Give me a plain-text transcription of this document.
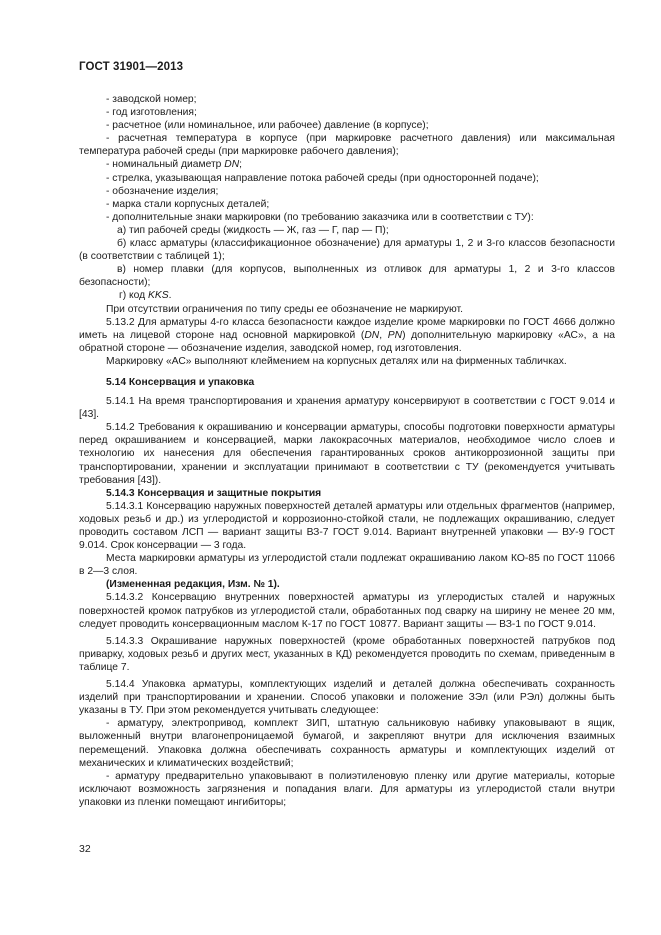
ГОСТ 31901—2013

- заводской номер;

- год изготовления;

- расчетное (или номинальное, или рабочее) давление (в корпусе);

- расчетная температура в корпусе (при маркировке расчетного давления) или максимальная температура рабочей среды (при маркировке рабочего давления);

- номинальный диаметр DN;

- стрелка, указывающая направление потока рабочей среды (при односторонней подаче);

- обозначение изделия;

- марка стали корпусных деталей;

- дополнительные знаки маркировки (по требованию заказчика или в соответствии с ТУ):

а) тип рабочей среды (жидкость — Ж, газ — Г, пар — П);

б) класс арматуры (классификационное обозначение) для арматуры 1, 2 и 3-го классов безопасности (в соответствии с таблицей 1);

в) номер плавки (для корпусов, выполненных из отливок для арматуры 1, 2 и 3-го классов безопасности);

г) код KKS.

При отсутствии ограничения по типу среды ее обозначение не маркируют.

5.13.2 Для арматуры 4-го класса безопасности каждое изделие кроме маркировки по ГОСТ 4666 должно иметь на лицевой стороне над основной маркировкой (DN, PN) дополнительную маркировку «АС», а на обратной стороне — обозначение изделия, заводской номер, год изготовления.

Маркировку «АС» выполняют клеймением на корпусных деталях или на фирменных табличках.

5.14 Консервация и упаковка

5.14.1 На время транспортирования и хранения арматуру консервируют в соответствии с ГОСТ 9.014 и [43].

5.14.2 Требования к окрашиванию и консервации арматуры, способы подготовки поверхности арматуры перед окрашиванием и консервацией, марки лакокрасочных материалов, необходимое число слоев и технологию их нанесения для обеспечения гарантированных сроков антикоррозионной защиты при транспортировании, хранении и эксплуатации принимают в соответствии с ТУ (рекомендуется учитывать требования [43]).

5.14.3 Консервация и защитные покрытия

5.14.3.1 Консервацию наружных поверхностей деталей арматуры или отдельных фрагментов (например, ходовых резьб и др.) из углеродистой и коррозионно-стойкой стали, не подлежащих окрашиванию, следует проводить составом ЛСП — вариант защиты ВЗ-7 ГОСТ 9.014. Вариант внутренней упаковки — ВУ-9 ГОСТ 9.014. Срок консервации — 3 года.

Места маркировки арматуры из углеродистой стали подлежат окрашиванию лаком КО-85 по ГОСТ 11066 в 2—3 слоя.

(Измененная редакция, Изм. № 1).

5.14.3.2 Консервацию внутренних поверхностей арматуры из углеродистых сталей и наружных поверхностей кромок патрубков из углеродистой стали, обработанных под сварку на ширину не менее 20 мм, следует проводить консервационным маслом К-17 по ГОСТ 10877. Вариант защиты — ВЗ-1 по ГОСТ 9.014.

5.14.3.3 Окрашивание наружных поверхностей (кроме обработанных поверхностей патрубков под приварку, ходовых резьб и других мест, указанных в КД) рекомендуется проводить по схемам, приведенным в таблице 7.

5.14.4 Упаковка арматуры, комплектующих изделий и деталей должна обеспечивать сохранность изделий при транспортировании и хранении. Способ упаковки и положение ЗЭл (или РЭл) должны быть указаны в ТУ. При этом рекомендуется учитывать следующее:

- арматуру, электропривод, комплект ЗИП, штатную сальниковую набивку упаковывают в ящик, выложенный внутри влагонепроницаемой бумагой, и закрепляют внутри для исключения взаимных перемещений. Упаковка должна обеспечивать сохранность арматуры и комплектующих изделий от механических и климатических воздействий;

- арматуру предварительно упаковывают в полиэтиленовую пленку или другие материалы, которые исключают возможность загрязнения и попадания влаги. Для арматуры из углеродистой стали внутри упаковки из пленки помещают ингибиторы;

32
